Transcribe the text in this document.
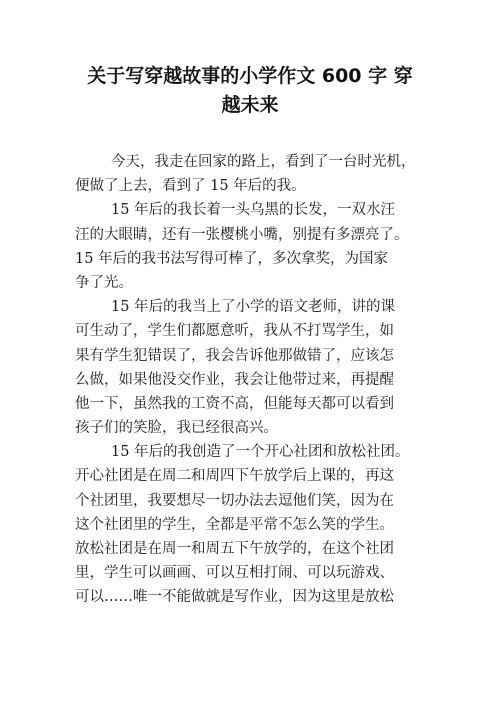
关于写穿越故事的小学作文 600 字 穿
越未来
今天，我走在回家的路上，看到了一台时光机，
便做了上去，看到了 15 年后的我。
15 年后的我长着一头乌黑的长发，一双水汪
汪的大眼睛，还有一张樱桃小嘴，别提有多漂亮了。
15 年后的我书法写得可棒了，多次拿奖，为国家
争了光。
15 年后的我当上了小学的语文老师，讲的课
可生动了，学生们都愿意听，我从不打骂学生，如
果有学生犯错误了，我会告诉他那做错了，应该怎
么做，如果他没交作业，我会让他带过来，再提醒
他一下，虽然我的工资不高，但能每天都可以看到
孩子们的笑脸，我已经很高兴。
15 年后的我创造了一个开心社团和放松社团。
开心社团是在周二和周四下午放学后上课的，再这
个社团里，我要想尽一切办法去逗他们笑，因为在
这个社团里的学生，全都是平常不怎么笑的学生。
放松社团是在周一和周五下午放学的，在这个社团
里，学生可以画画、可以互相打闹、可以玩游戏、
可以……唯一不能做就是写作业，因为这里是放松
